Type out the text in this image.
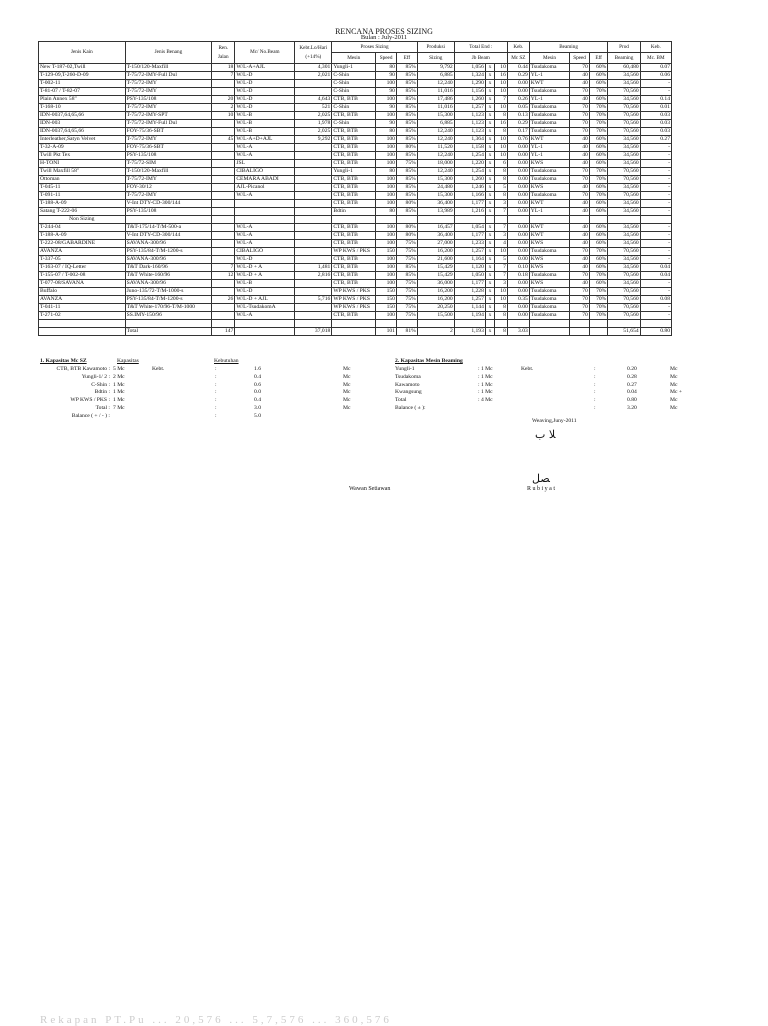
RENCANA PROSES SIZING
Bulan : July-2011
Jenis Kain	Jenis Benang	Ren.
Jalan	Mc/ No.Beam	Kebt.Lo/Hari
(+14%)	Proses Sizing			Produksi	Total End :			Keb.	Beaming			Prod	Keb.
					Mesin	Speed	Eff	Sizing	Jb Beam			Mc SZ	Mesin	Speed	Eff	Beaming	Mc. BM
New T-187-02,Twill	T-150/120-Maxfill	18	W/L-A+AJL	4,301	Yungli-1	80	85%	9,792	1,056	x	10	0.44	Tsudakoma	70	60%	60,480	0.07
T-129-09,T-260-D-09	T-75/72-IMY-Full Dul	7	W/L-D	2,021	C-Shin	90	85%	6,885	1,324	x	16	0.29	YL-1	40	60%	34,560	0.06
T-002-11	T-75/72-IMY		W/L-D		C-Shin	100	85%	12,240	1,290	x	10	0.00	KWT	40	60%	34,560	-
T-81-07 / T-82-07	T-75/72-IMY		W/L-D		C-Shin	90	85%	11,016	1,156	x	10	0.00	Tsudakoma	70	70%	70,560	-
Plain Annex 58"	PSY-135/108	20	W/L-D	4,643	CTB, BTB	100	85%	17,486	1,260	x	7	0.26	YL-1	40	60%	34,560	0.14
T-168-10	T-75/72-IMY	2	W/L-D	521	C-Shin	90	85%	11,016	1,257	x	10	0.05	Tsudakoma	70	70%	70,560	0.01
IDN-0037,64,65,66	T-75/72-IMY-SPT	10	W/L-B	2,025	CTB, BTB	100	85%	15,300	1,123	x	8	0.13	Tsudakoma	70	70%	70,560	0.03
IDN-003	T-75/72-IMY-Full Dul		W/L-B	1,978	C-Shin	90	85%	6,885	1,123	x	16	0.29	Tsudakoma	70	70%	70,560	0.03
IDN-0037,64,65,66	FOY-75/36-SBT		W/L-B	2,025	CTB, BTB	80	85%	12,240	1,123	x	8	0.17	Tsudakoma	70	70%	70,560	0.03
Interleather,Satyn Velvet	T-75/72-IMY	45	W/L-A+D+AJL	9,292	CTB, BTB	100	85%	12,240	1,364	x	10	0.76	KWT	40	60%	34,560	0.27
T-32-A-09	FOY-75/36-SBT		W/L-A		CTB, BTB	100	80%	11,520	1,158	x	10	0.00	YL-1	40	60%	34,560	-
Twill Pkt Tex	PSY-135/108		W/L-A		CTB, BTB	100	85%	12,240	1,254	x	10	0.00	YL-1	40	60%	34,560	-
H-TONI	T-75/72-SIM		JSL		CTB, BTB	100	75%	18,000	1,220	x	6	0.00	KWS	40	60%	34,560	-
Twill Maxfill 58"	T-150/120-Maxfill		CIBALIGO		Yungli-1	80	85%	12,240	1,254	x	8	0.00	Tsudakoma	70	70%	70,560	-
Ottoman	T-75/72-IMY		CEMARA ABADI		CTB, BTB	100	85%	15,300	1,260	x	8	0.00	Tsudakoma	70	70%	70,560	-
T-045-11	FOY-30/12		AJL-Picanol		CTB, BTB	100	85%	24,480	1,246	x	5	0.00	KWS	40	60%	34,560	-
T-091-11	T-75/72-IMY		W/L-A		CTB, BTB	100	85%	15,300	1,166	x	8	0.00	Tsudakoma	70	70%	70,560	-
T-188-A-09	V-Int DTY-CD-300/144				CTB, BTB	100	80%	36,400	1,177	x	3	0.00	KWT	40	60%	34,560	-
Satang T-222-06	PSY-135/108				Bdtin	80	85%	13,989	1,216	x	7	0.00	YL-1	40	60%	34,560	-
Non Sizing																	
T-244-04	T&T-175/14-T/M-500-a		W/L-A		CTB, BTB	100	80%	16,457	1,054	x	7	0.00	KWT	40	60%	34,560	-
T-188-A-09	V-Int DTY-CD-300/144		W/L-A		CTB, BTB	100	80%	36,400	1,177	x	3	0.00	KWT	40	60%	34,560	-
T-222-08/GABARDINE	SAVANA-300/96		W/L-A		CTB, BTB	100	75%	27,000	1,233	x	4	0.00	KWS	40	60%	34,560	-
AVANZA	PSY-135/84-T/M-1200-s		CIBALIGO		WP KWS / PKS	150	75%	16,200	1,257	x	10	0.00	Tsudakoma	70	70%	70,560	-
T-337-05	SAVANA-300/96		W/L-D		CTB, BTB	100	75%	21,600	1,164	x	5	0.00	KWS	40	60%	34,560	-
T-163-07 / IQ-Letter	T&T Dark-160/96	7	W/L-D + A	1,481	CTB, BTB	100	85%	15,429	1,120	x	7	0.10	KWS	40	60%	34,560	0.04
T-155-07 / T-002-08	T&T White-160/96	12	W/L-D + A	2,816	CTB, BTB	100	85%	15,429	1,050	x	7	0.18	Tsudakoma	70	70%	70,560	0.04
T-077-08/SAVANA	SAVANA-300/96		W/L-B		CTB, BTB	100	75%	36,000	1,177	x	3	0.00	KWS	40	60%	34,560	-
Buffalo	Juno-135/72-T/M-1000-s		W/L-D		WP KWS / PKS	150	75%	16,200	1,228	x	10	0.00	Tsudakoma	70	70%	70,560	-
AVANZA	PSY-135/84-T/M-1200-s	26	W/L-D + AJL	5,716	WP KWS / PKS	150	75%	16,200	1,257	x	10	0.35	Tsudakoma	70	70%	70,560	0.08
T-041-11	T&T White-170/96-T/M-1000		W/L-TsudakomA		WP KWS / PKS	150	75%	20,250	1,144	x	8	0.00	Tsudakoma	70	70%	70,560	-
T-271-02	SS.IMY-150/96		W/L-A		CTB, BTB	100	75%	15,500	1,194	x	8	0.00	Tsudakoma	70	70%	70,560	-

	Total	147		37,018		101	81%	2	1,193	x	8	3.03				51,654	0.80
1. Kapasitas Mc SZ	Kapasitas	Kebutuhan
CTB, BTB Kawamoto :	5 Mc	Kebt.	:	1.6	Mc
Yungli-1/ 2 :	2 Mc		:	0.4	Mc
C-Shin :	1 Mc		:	0.6	Mc
Bdtin :	1 Mc		:	0.0	Mc
WP KWS / PKS :	1 Mc		:	0.4	Mc
Total :	7 Mc		:	3.0	Mc
Balance ( + / - ) :			:	5.0	
2. Kapasitas Mesin Beaming
Yungli-1	: 1 Mc	Kebt.	:	0.20	Mc
Tsudakoma	: 1 Mc		:	0.28	Mc
Kawamoto	: 1 Mc		:	0.27	Mc
Kwangsung	: 1 Mc		:	0.04	Mc +
Total	: 4 Mc		:	0.80	Mc
Balance ( ± ):			:	3.20	Mc
Weaving,Juny-2011
ﻼ ب
ﺼﻞ
Wawan Setiawan	R u b i y a t
Rekapan PT.Pu ... 20,576 ... 5,7,576 ... 360,576
